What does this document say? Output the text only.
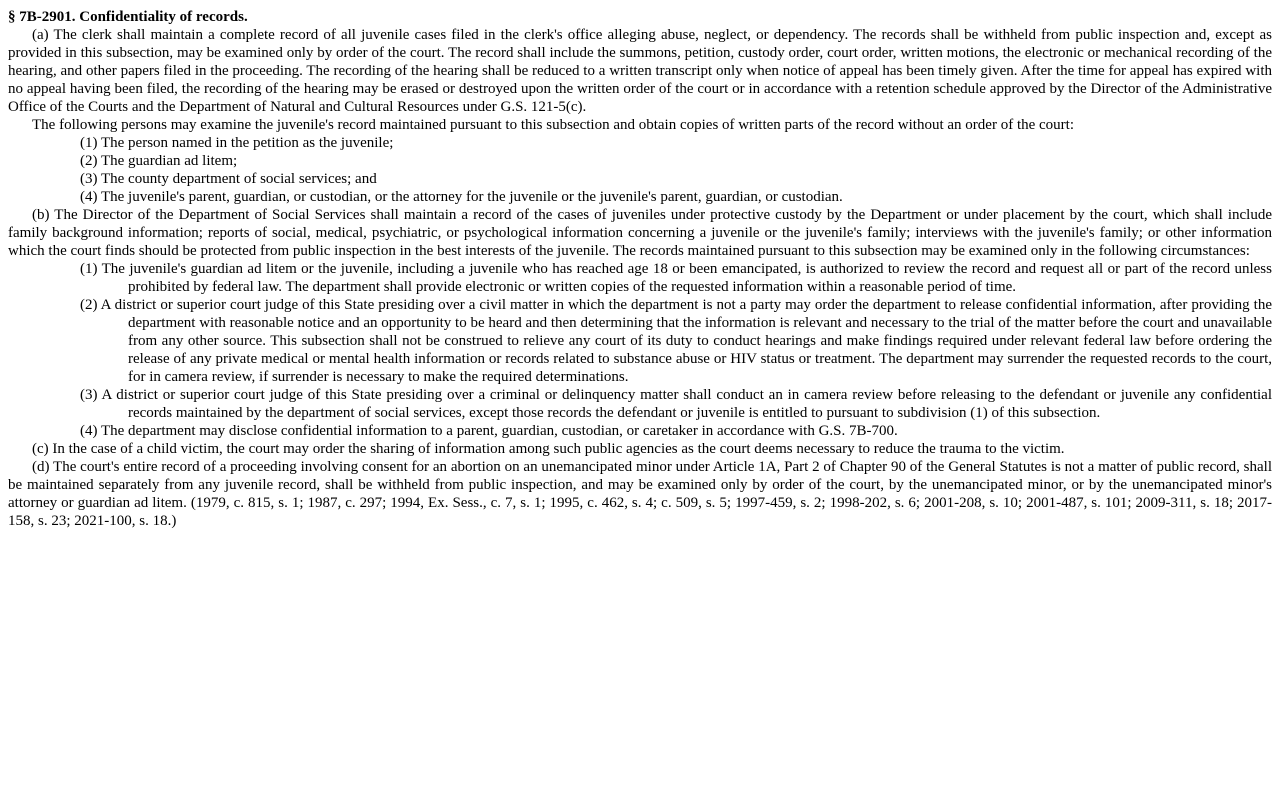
§ 7B-2901. Confidentiality of records.

(a) The clerk shall maintain a complete record of all juvenile cases filed in the clerk's office alleging abuse, neglect, or dependency. The records shall be withheld from public inspection and, except as provided in this subsection, may be examined only by order of the court. The record shall include the summons, petition, custody order, court order, written motions, the electronic or mechanical recording of the hearing, and other papers filed in the proceeding. The recording of the hearing shall be reduced to a written transcript only when notice of appeal has been timely given. After the time for appeal has expired with no appeal having been filed, the recording of the hearing may be erased or destroyed upon the written order of the court or in accordance with a retention schedule approved by the Director of the Administrative Office of the Courts and the Department of Natural and Cultural Resources under G.S. 121-5(c).

The following persons may examine the juvenile's record maintained pursuant to this subsection and obtain copies of written parts of the record without an order of the court:

(1) The person named in the petition as the juvenile;

(2) The guardian ad litem;

(3) The county department of social services; and

(4) The juvenile's parent, guardian, or custodian, or the attorney for the juvenile or the juvenile's parent, guardian, or custodian.

(b) The Director of the Department of Social Services shall maintain a record of the cases of juveniles under protective custody by the Department or under placement by the court, which shall include family background information; reports of social, medical, psychiatric, or psychological information concerning a juvenile or the juvenile's family; interviews with the juvenile's family; or other information which the court finds should be protected from public inspection in the best interests of the juvenile. The records maintained pursuant to this subsection may be examined only in the following circumstances:

(1) The juvenile's guardian ad litem or the juvenile, including a juvenile who has reached age 18 or been emancipated, is authorized to review the record and request all or part of the record unless prohibited by federal law. The department shall provide electronic or written copies of the requested information within a reasonable period of time.

(2) A district or superior court judge of this State presiding over a civil matter in which the department is not a party may order the department to release confidential information, after providing the department with reasonable notice and an opportunity to be heard and then determining that the information is relevant and necessary to the trial of the matter before the court and unavailable from any other source. This subsection shall not be construed to relieve any court of its duty to conduct hearings and make findings required under relevant federal law before ordering the release of any private medical or mental health information or records related to substance abuse or HIV status or treatment. The department may surrender the requested records to the court, for in camera review, if surrender is necessary to make the required determinations.

(3) A district or superior court judge of this State presiding over a criminal or delinquency matter shall conduct an in camera review before releasing to the defendant or juvenile any confidential records maintained by the department of social services, except those records the defendant or juvenile is entitled to pursuant to subdivision (1) of this subsection.

(4) The department may disclose confidential information to a parent, guardian, custodian, or caretaker in accordance with G.S. 7B-700.

(c) In the case of a child victim, the court may order the sharing of information among such public agencies as the court deems necessary to reduce the trauma to the victim.

(d) The court's entire record of a proceeding involving consent for an abortion on an unemancipated minor under Article 1A, Part 2 of Chapter 90 of the General Statutes is not a matter of public record, shall be maintained separately from any juvenile record, shall be withheld from public inspection, and may be examined only by order of the court, by the unemancipated minor, or by the unemancipated minor's attorney or guardian ad litem. (1979, c. 815, s. 1; 1987, c. 297; 1994, Ex. Sess., c. 7, s. 1; 1995, c. 462, s. 4; c. 509, s. 5; 1997-459, s. 2; 1998-202, s. 6; 2001-208, s. 10; 2001-487, s. 101; 2009-311, s. 18; 2017-158, s. 23; 2021-100, s. 18.)
